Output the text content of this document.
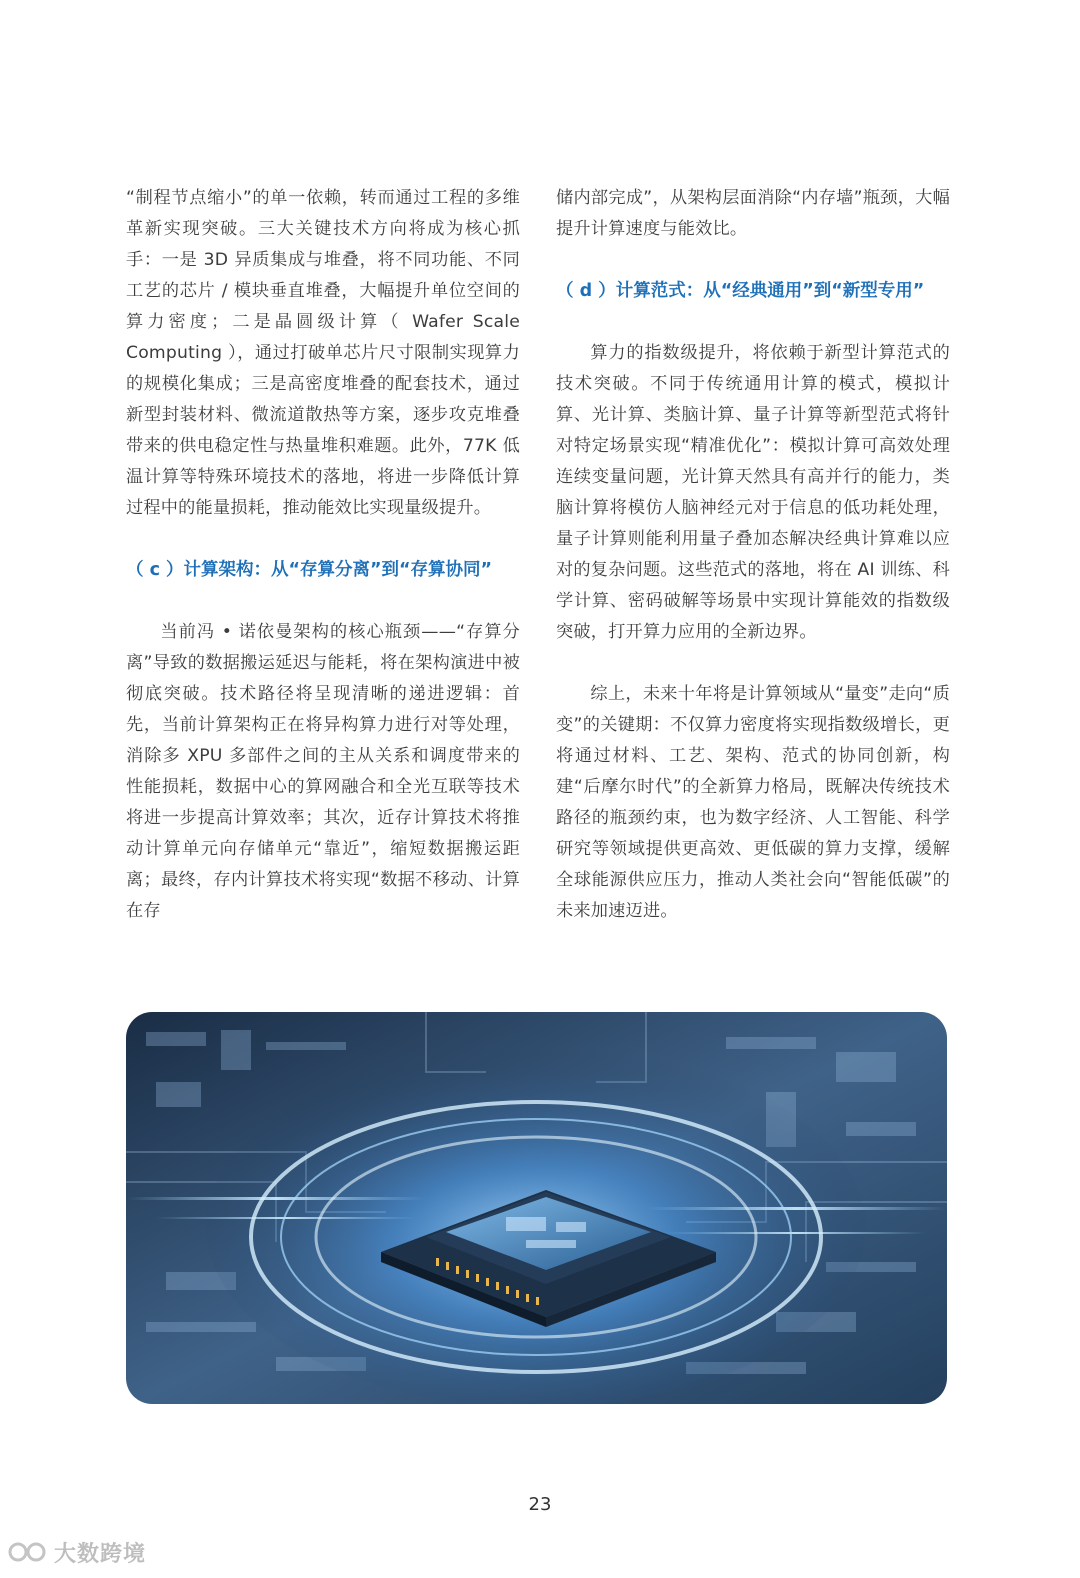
“制程节点缩小”的单一依赖，转而通过工程的多维革新实现突破。三大关键技术方向将成为核心抓手：一是 3D 异质集成与堆叠，将不同功能、不同工艺的芯片 / 模块垂直堆叠，大幅提升单位空间的算力密度；二是晶圆级计算（ Wafer Scale Computing ），通过打破单芯片尺寸限制实现算力的规模化集成；三是高密度堆叠的配套技术，通过新型封装材料、微流道散热等方案，逐步攻克堆叠带来的供电稳定性与热量堆积难题。此外，77K 低温计算等特殊环境技术的落地，将进一步降低计算过程中的能量损耗，推动能效比实现量级提升。

（ c ）计算架构：从“存算分离”到“存算协同”

当前冯 • 诺依曼架构的核心瓶颈——“存算分离”导致的数据搬运延迟与能耗，将在架构演进中被彻底突破。技术路径将呈现清晰的递进逻辑：首先，当前计算架构正在将异构算力进行对等处理，消除多 XPU 多部件之间的主从关系和调度带来的性能损耗，数据中心的算网融合和全光互联等技术将进一步提高计算效率；其次，近存计算技术将推动计算单元向存储单元“靠近”，缩短数据搬运距离；最终，存内计算技术将实现“数据不移动、计算在存

储内部完成”，从架构层面消除“内存墙”瓶颈，大幅提升计算速度与能效比。

（ d ）计算范式：从“经典通用”到“新型专用”

算力的指数级提升，将依赖于新型计算范式的技术突破。不同于传统通用计算的模式，模拟计算、光计算、类脑计算、量子计算等新型范式将针对特定场景实现“精准优化”：模拟计算可高效处理连续变量问题，光计算天然具有高并行的能力，类脑计算将模仿人脑神经元对于信息的低功耗处理，量子计算则能利用量子叠加态解决经典计算难以应对的复杂问题。这些范式的落地，将在 AI 训练、科学计算、密码破解等场景中实现计算能效的指数级突破，打开算力应用的全新边界。

综上，未来十年将是计算领域从“量变”走向“质变”的关键期：不仅算力密度将实现指数级增长，更将通过材料、工艺、架构、范式的协同创新，构建“后摩尔时代”的全新算力格局，既解决传统技术路径的瓶颈约束，也为数字经济、人工智能、科学研究等领域提供更高效、更低碳的算力支撑，缓解全球能源供应压力，推动人类社会向“智能低碳”的未来加速迈进。

23
大数跨境
